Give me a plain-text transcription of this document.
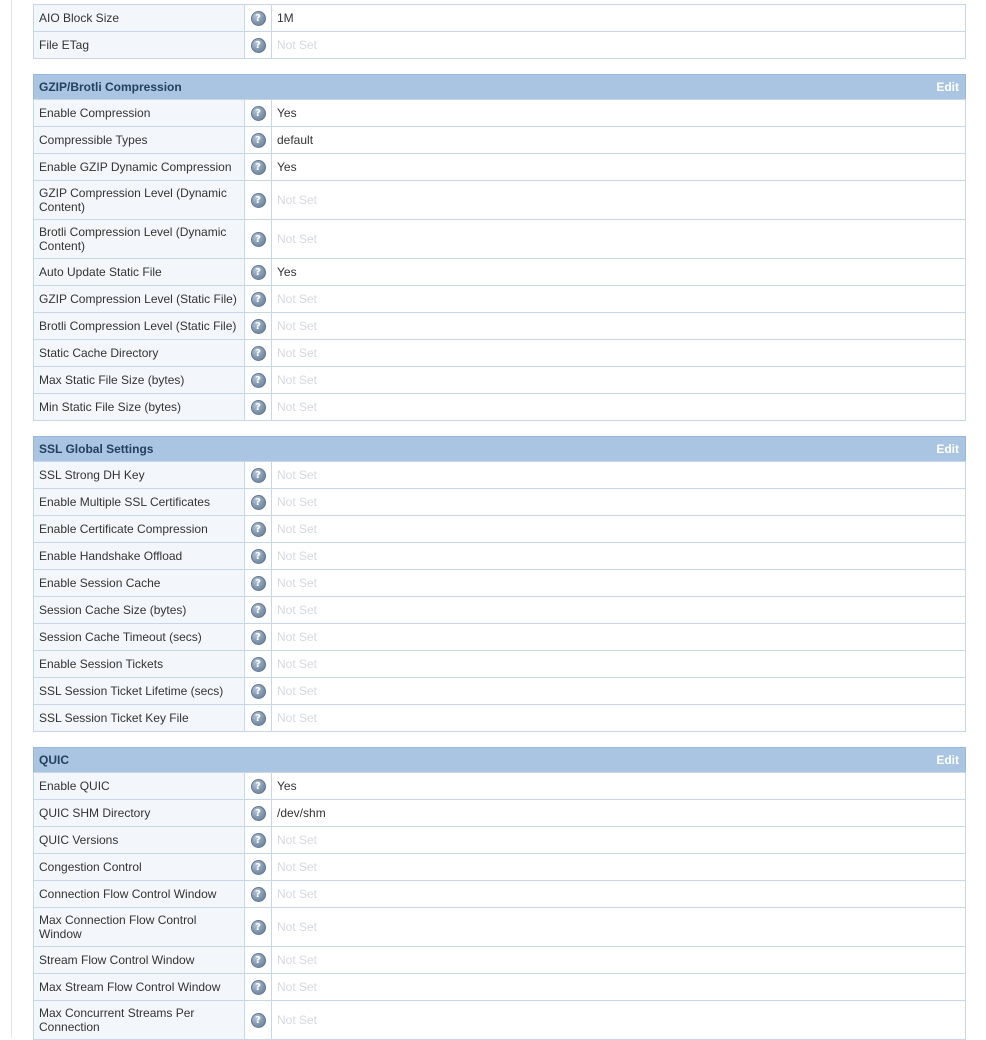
AIO Block Size	?	1M
File ETag	?	Not Set
GZIP/Brotli Compression	Edit
Enable Compression	?	Yes
Compressible Types	?	default
Enable GZIP Dynamic Compression	?	Yes
GZIP Compression Level (Dynamic Content)	?	Not Set
Brotli Compression Level (Dynamic Content)	?	Not Set
Auto Update Static File	?	Yes
GZIP Compression Level (Static File)	?	Not Set
Brotli Compression Level (Static File)	?	Not Set
Static Cache Directory	?	Not Set
Max Static File Size (bytes)	?	Not Set
Min Static File Size (bytes)	?	Not Set
SSL Global Settings	Edit
SSL Strong DH Key	?	Not Set
Enable Multiple SSL Certificates	?	Not Set
Enable Certificate Compression	?	Not Set
Enable Handshake Offload	?	Not Set
Enable Session Cache	?	Not Set
Session Cache Size (bytes)	?	Not Set
Session Cache Timeout (secs)	?	Not Set
Enable Session Tickets	?	Not Set
SSL Session Ticket Lifetime (secs)	?	Not Set
SSL Session Ticket Key File	?	Not Set
QUIC	Edit
Enable QUIC	?	Yes
QUIC SHM Directory	?	/dev/shm
QUIC Versions	?	Not Set
Congestion Control	?	Not Set
Connection Flow Control Window	?	Not Set
Max Connection Flow Control Window	?	Not Set
Stream Flow Control Window	?	Not Set
Max Stream Flow Control Window	?	Not Set
Max Concurrent Streams Per Connection	?	Not Set
